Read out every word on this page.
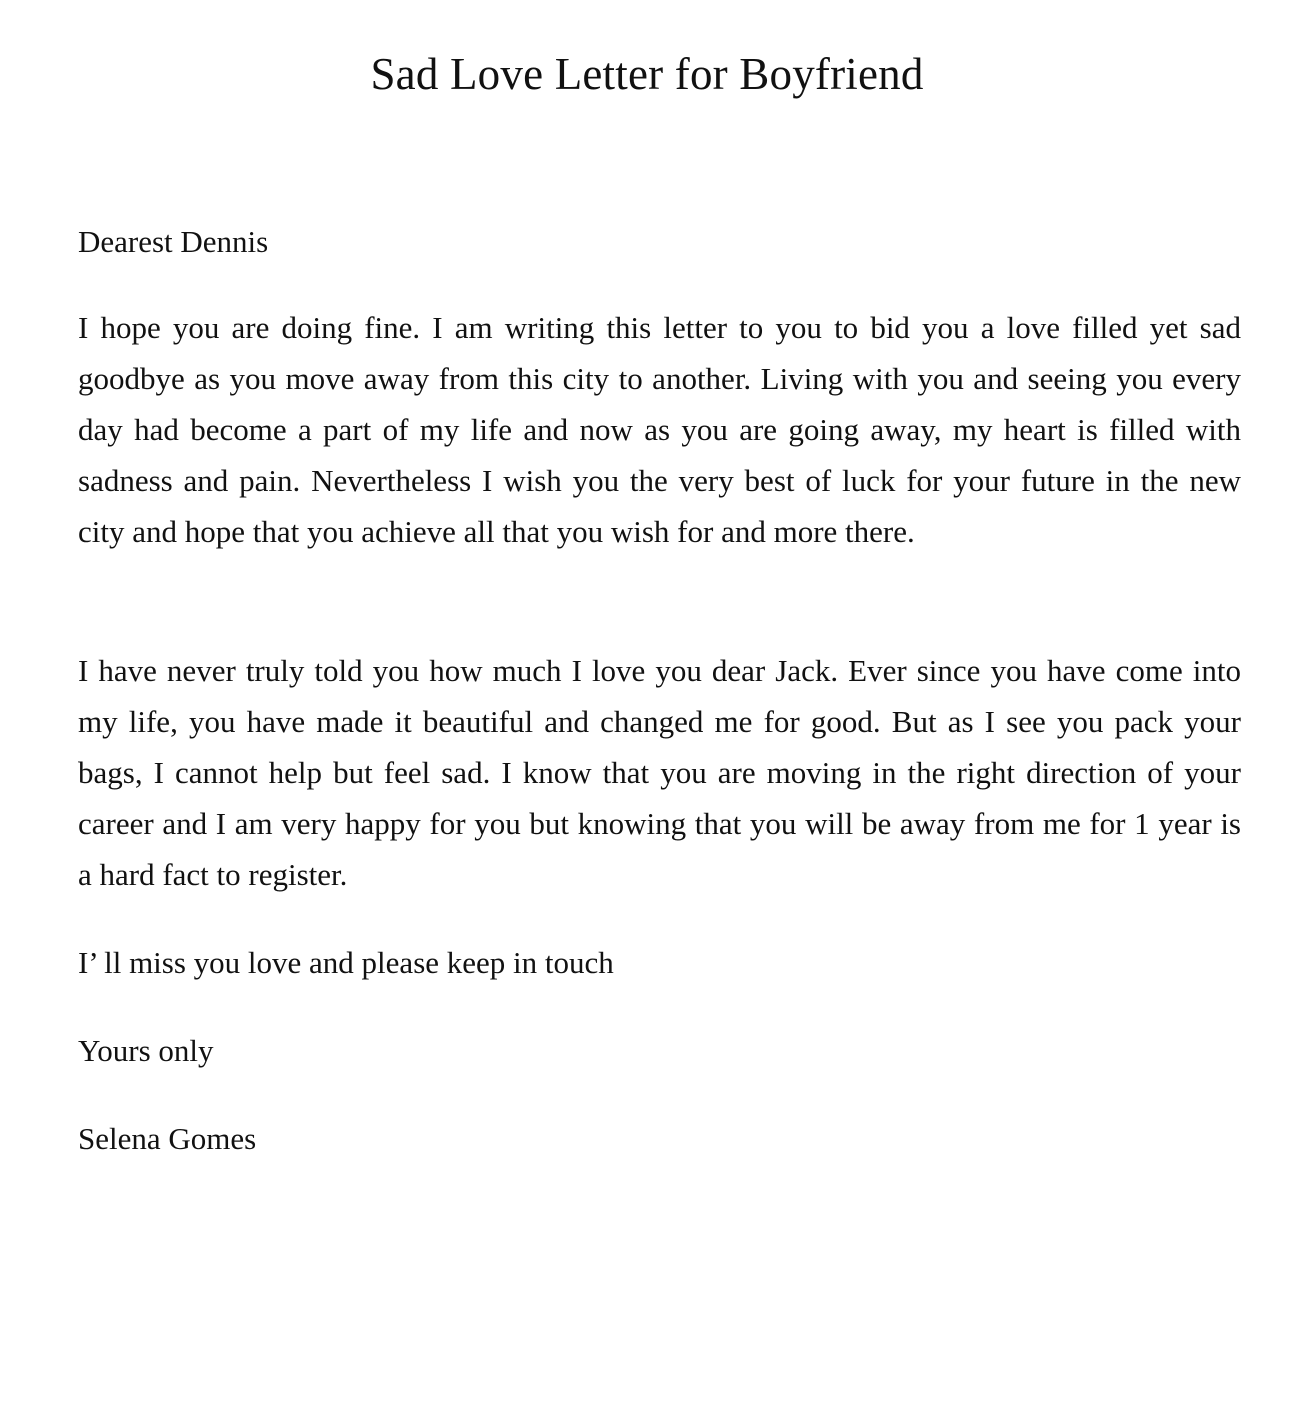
Sad Love Letter for Boyfriend

Dearest Dennis

I hope you are doing fine. I am writing this letter to you to bid you a love filled yet sad goodbye as you move away from this city to another. Living with you and seeing you every day had become a part of my life and now as you are going away, my heart is filled with sadness and pain. Nevertheless I wish you the very best of luck for your future in the new city and hope that you achieve all that you wish for and more there.

I have never truly told you how much I love you dear Jack. Ever since you have come into my life, you have made it beautiful and changed me for good. But as I see you pack your bags, I cannot help but feel sad. I know that you are moving in the right direction of your career and I am very happy for you but knowing that you will be away from me for 1 year is a hard fact to register.

I’ ll miss you love and please keep in touch

Yours only

Selena Gomes
